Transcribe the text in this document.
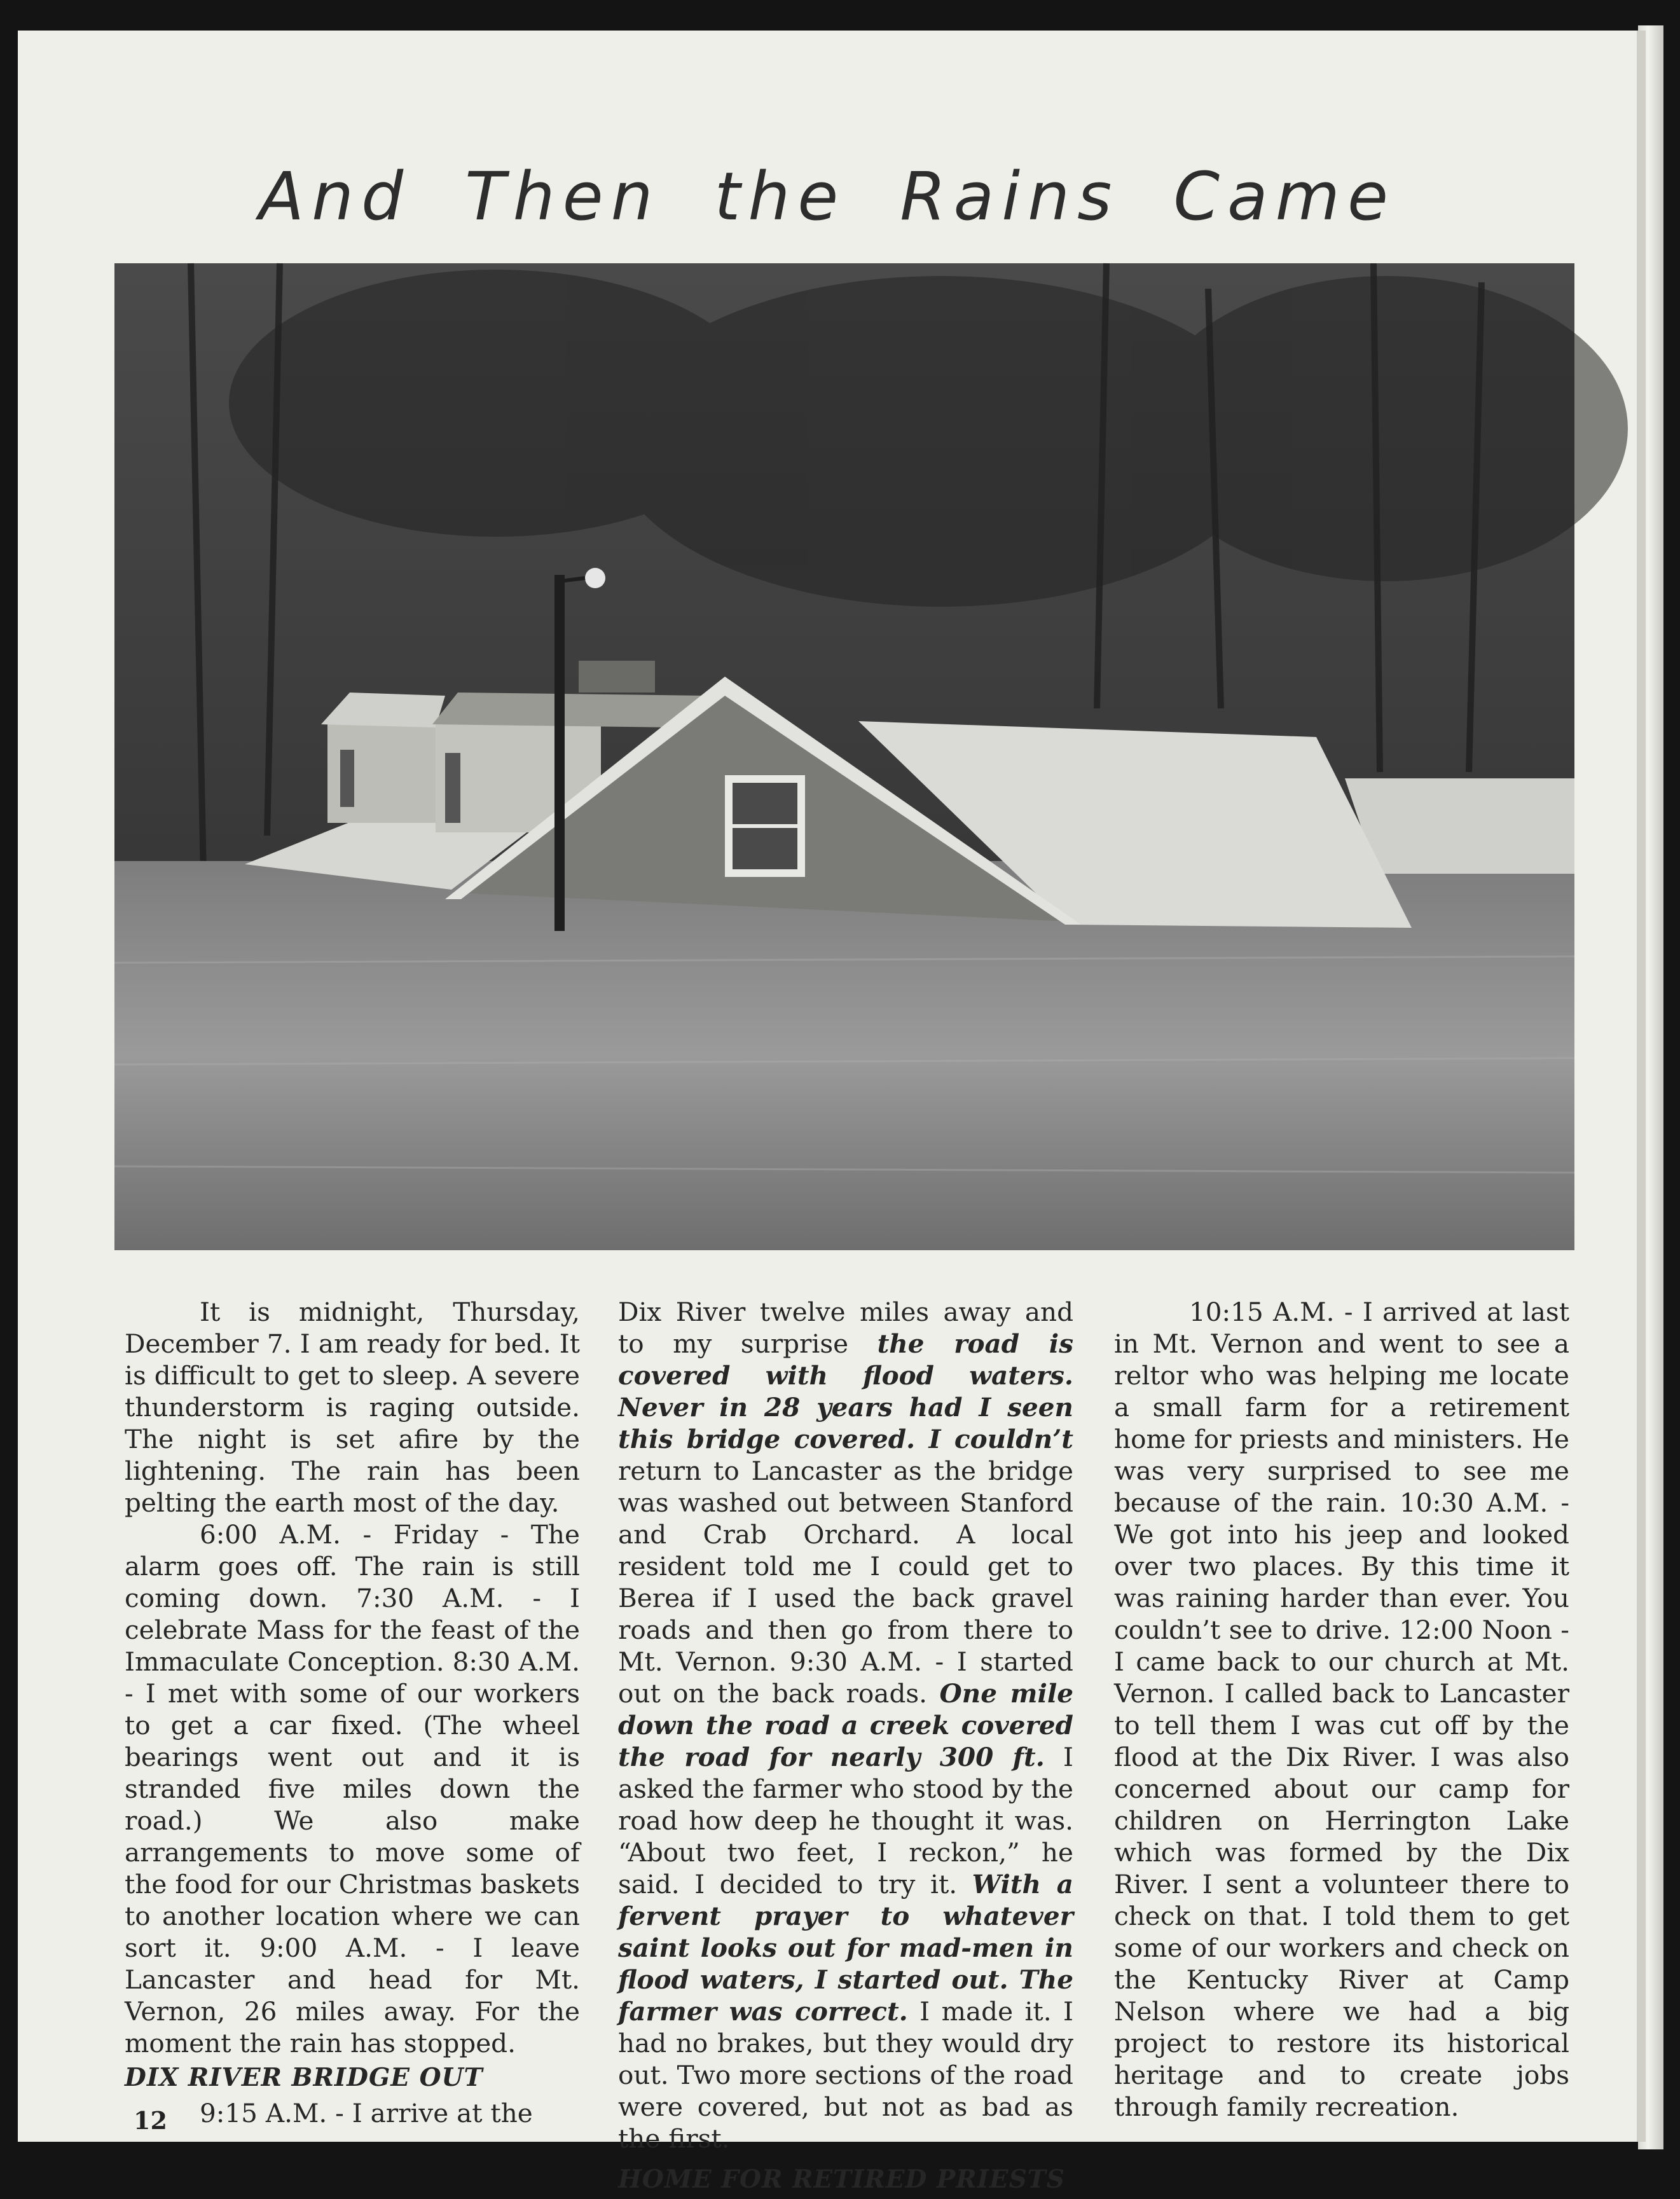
And Then the Rains Came

It is midnight, Thursday, December 7. I am ready for bed. It is difficult to get to sleep. A severe thunderstorm is raging outside. The night is set afire by the lightening. The rain has been pelting the earth most of the day.

6:00 A.M. - Friday - The alarm goes off. The rain is still coming down. 7:30 A.M. - I celebrate Mass for the feast of the Immaculate Conception. 8:30 A.M. - I met with some of our workers to get a car fixed. (The wheel bearings went out and it is stranded five miles down the road.) We also make arrangements to move some of the food for our Christmas baskets to another location where we can sort it. 9:00 A.M. - I leave Lancaster and head for Mt. Vernon, 26 miles away. For the moment the rain has stopped.

DIX RIVER BRIDGE OUT

9:15 A.M. - I arrive at the

Dix River twelve miles away and to my surprise the road is covered with flood waters. Never in 28 years had I seen this bridge covered. I couldn’t return to Lancaster as the bridge was washed out between Stanford and Crab Orchard. A local resident told me I could get to Berea if I used the back gravel roads and then go from there to Mt. Vernon. 9:30 A.M. - I started out on the back roads. One mile down the road a creek covered the road for nearly 300 ft. I asked the farmer who stood by the road how deep he thought it was. “About two feet, I reckon,” he said. I decided to try it. With a fervent prayer to whatever saint looks out for mad-men in flood waters, I started out. The farmer was correct. I made it. I had no brakes, but they would dry out. Two more sections of the road were covered, but not as bad as the first.

HOME FOR RETIRED PRIESTS

10:15 A.M. - I arrived at last in Mt. Vernon and went to see a reltor who was helping me locate a small farm for a retirement home for priests and ministers. He was very surprised to see me because of the rain. 10:30 A.M. - We got into his jeep and looked over two places. By this time it was raining harder than ever. You couldn’t see to drive. 12:00 Noon - I came back to our church at Mt. Vernon. I called back to Lancaster to tell them I was cut off by the flood at the Dix River. I was also concerned about our camp for children on Herrington Lake which was formed by the Dix River. I sent a volunteer there to check on that. I told them to get some of our workers and check on the Kentucky River at Camp Nelson where we had a big project to restore its historical heritage and to create jobs through family recreation.

12
